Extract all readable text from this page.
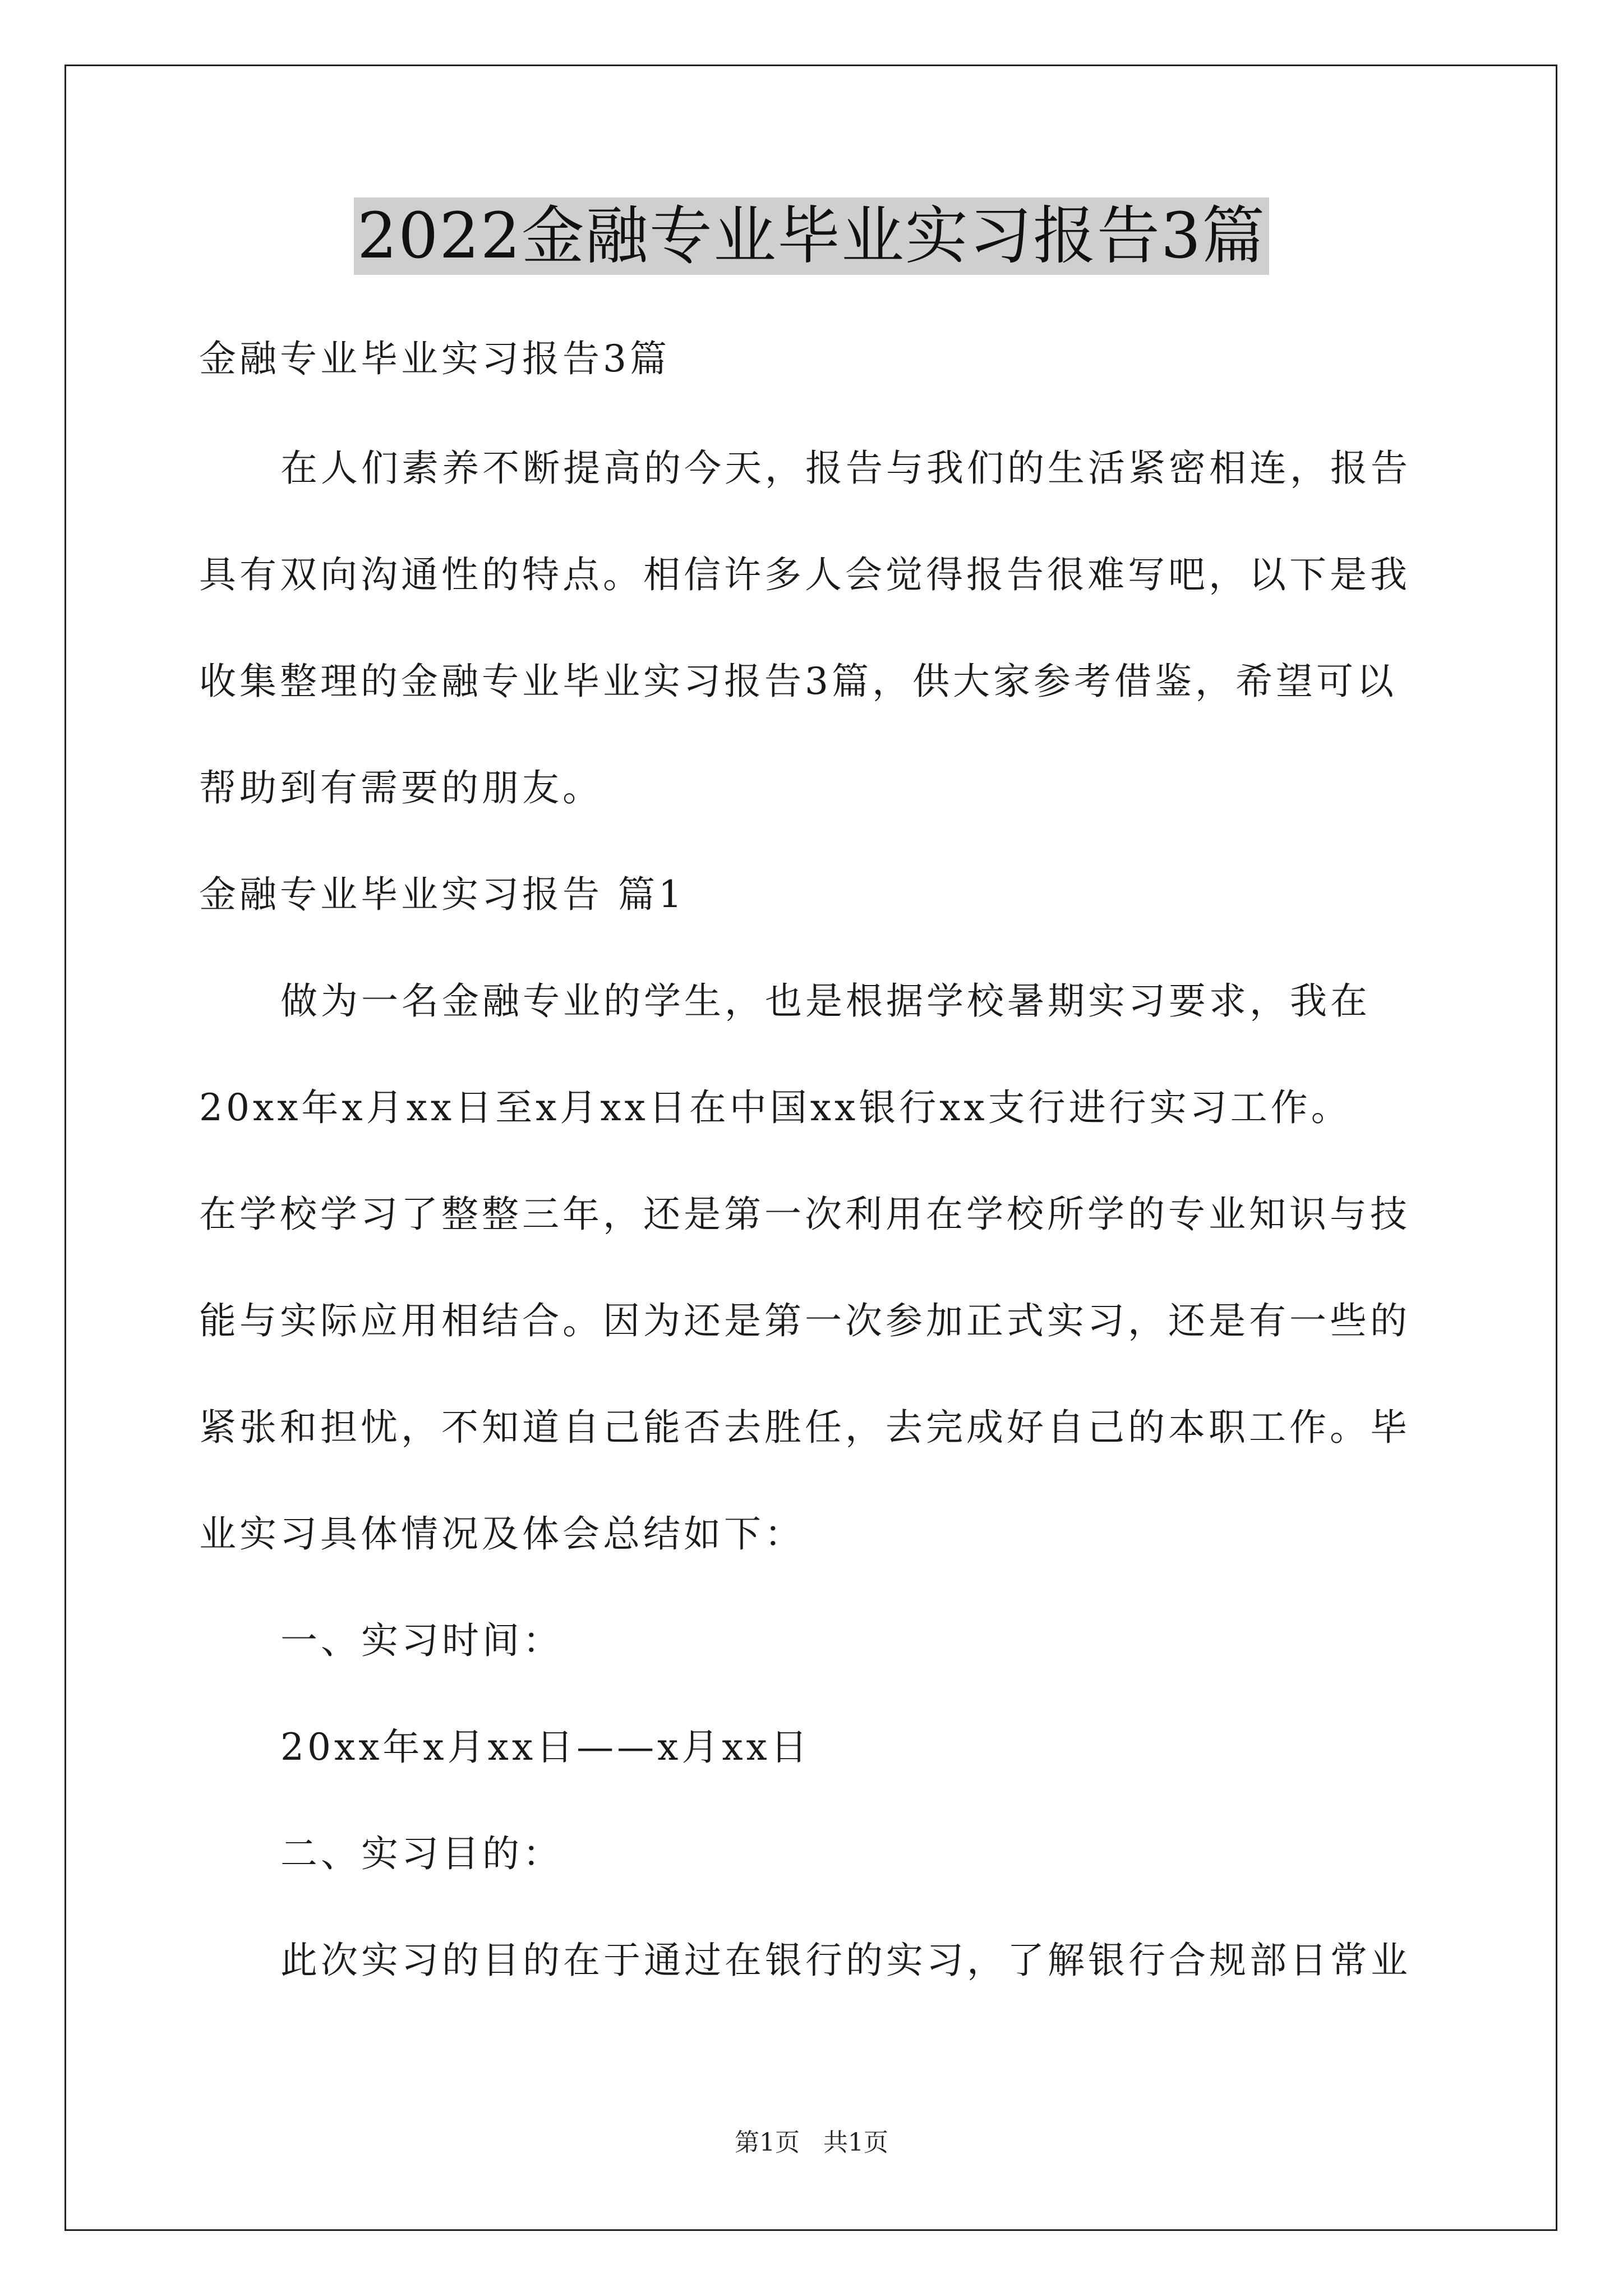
2022金融专业毕业实习报告3篇
金融专业毕业实习报告3篇
在人们素养不断提高的今天，报告与我们的生活紧密相连，报告
具有双向沟通性的特点。相信许多人会觉得报告很难写吧，以下是我
收集整理的金融专业毕业实习报告3篇，供大家参考借鉴，希望可以
帮助到有需要的朋友。
金融专业毕业实习报告 篇1
做为一名金融专业的学生，也是根据学校暑期实习要求，我在
20xx年x月xx日至x月xx日在中国xx银行xx支行进行实习工作。
在学校学习了整整三年，还是第一次利用在学校所学的专业知识与技
能与实际应用相结合。因为还是第一次参加正式实习，还是有一些的
紧张和担忧，不知道自己能否去胜任，去完成好自己的本职工作。毕
业实习具体情况及体会总结如下：
一、实习时间：
20xx年x月xx日——x月xx日
二、实习目的：
此次实习的目的在于通过在银行的实习，了解银行合规部日常业
第1页   共1页
